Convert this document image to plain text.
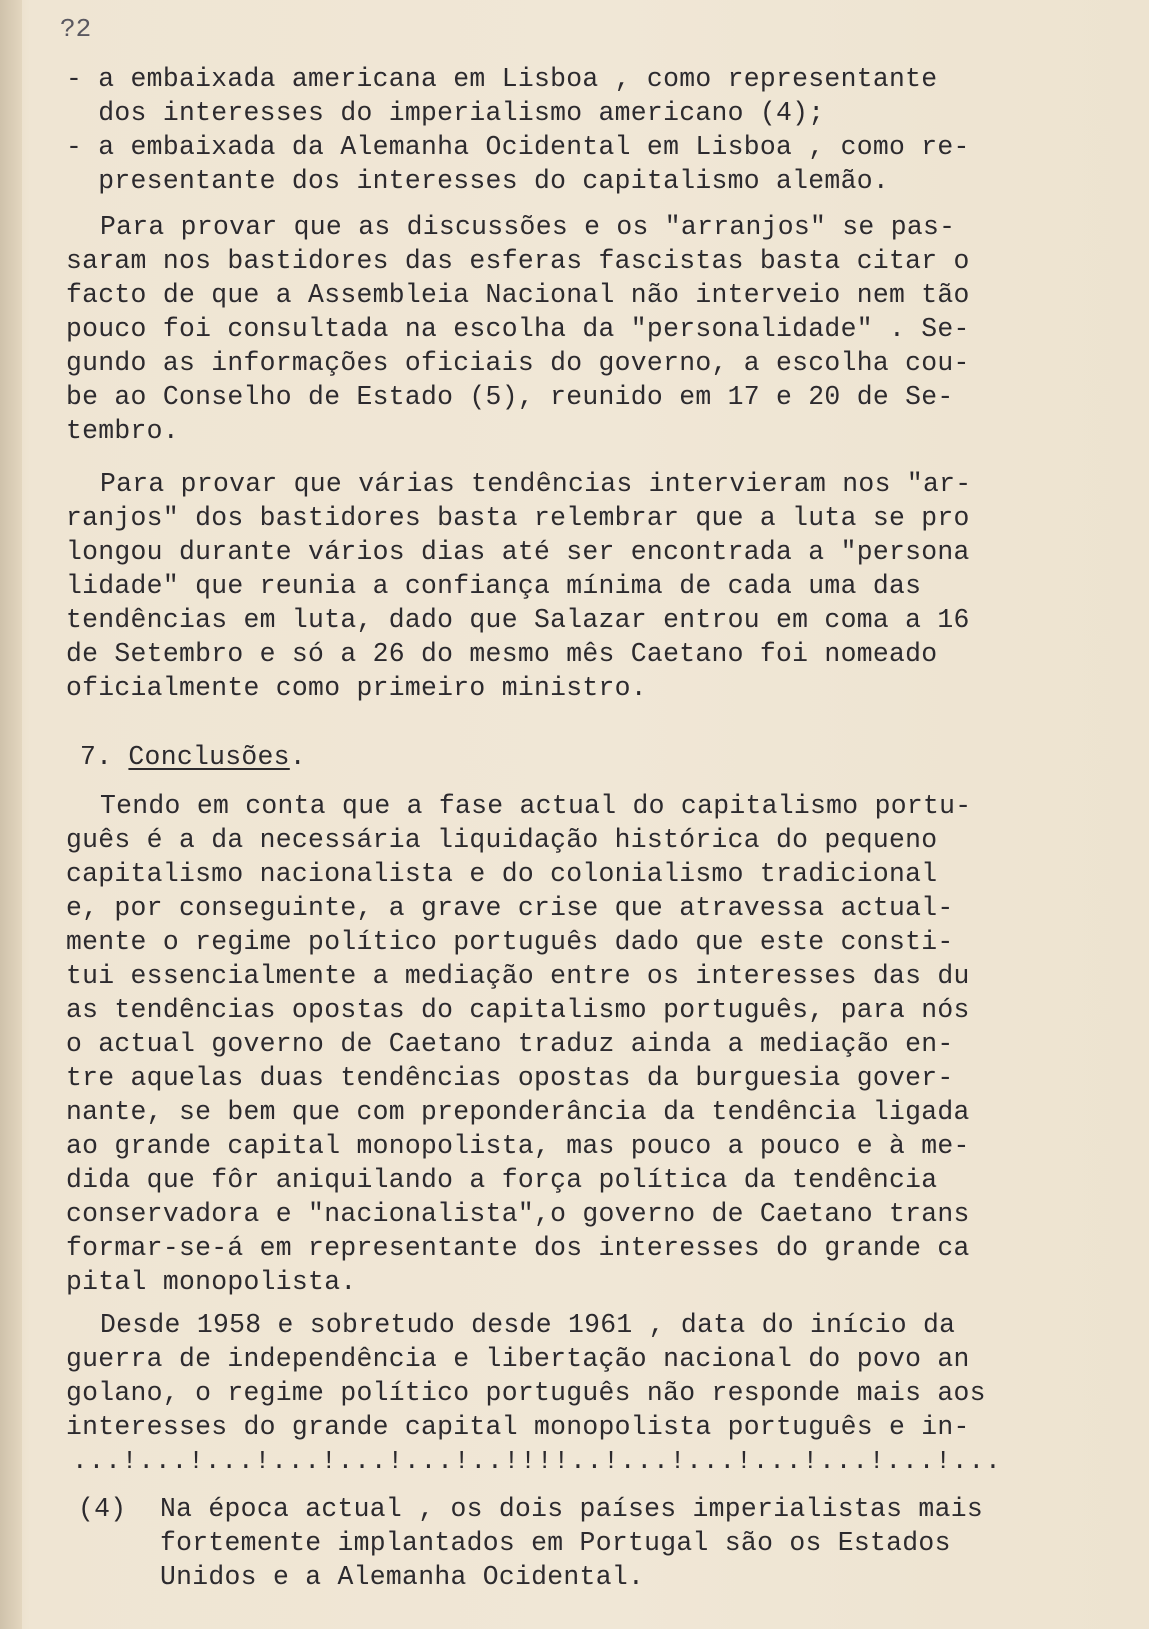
?2
- a embaixada americana em Lisboa , como representante
dos interesses do imperialismo americano (4);
- a embaixada da Alemanha Ocidental em Lisboa , como re-
presentante dos interesses do capitalismo alemão.
Para provar que as discussões e os "arranjos" se pas-
saram nos bastidores das esferas fascistas basta citar o
facto de que a Assembleia Nacional não interveio nem tão
pouco foi consultada na escolha da "personalidade" . Se-
gundo as informações oficiais do governo, a escolha cou-
be ao Conselho de Estado (5), reunido em 17 e 20 de Se-
tembro.
Para provar que várias tendências intervieram nos "ar-
ranjos" dos bastidores basta relembrar que a luta se pro
longou durante vários dias até ser encontrada a "persona
lidade" que reunia a confiança mínima de cada uma das
tendências em luta, dado que Salazar entrou em coma a 16
de Setembro e só a 26 do mesmo mês Caetano foi nomeado
oficialmente como primeiro ministro.
7. Conclusões.
Tendo em conta que a fase actual do capitalismo portu-
guês é a da necessária liquidação histórica do pequeno
capitalismo nacionalista e do colonialismo tradicional
e, por conseguinte, a grave crise que atravessa actual-
mente o regime político português dado que este consti-
tui essencialmente a mediação entre os interesses das du
as tendências opostas do capitalismo português, para nós
o actual governo de Caetano traduz ainda a mediação en-
tre aquelas duas tendências opostas da burguesia gover-
nante, se bem que com preponderância da tendência ligada
ao grande capital monopolista, mas pouco a pouco e à me-
dida que fôr aniquilando a força política da tendência
conservadora e "nacionalista",o governo de Caetano trans
formar-se-á em representante dos interesses do grande ca
pital monopolista.
Desde 1958 e sobretudo desde 1961 , data do início da
guerra de independência e libertação nacional do povo an
golano, o regime político português não responde mais aos
interesses do grande capital monopolista português e in-
...!...!...!...!...!...!..!!!!..!...!...!...!...!...!...
(4) Na época actual , os dois países imperialistas mais
fortemente implantados em Portugal são os Estados
Unidos e a Alemanha Ocidental.
